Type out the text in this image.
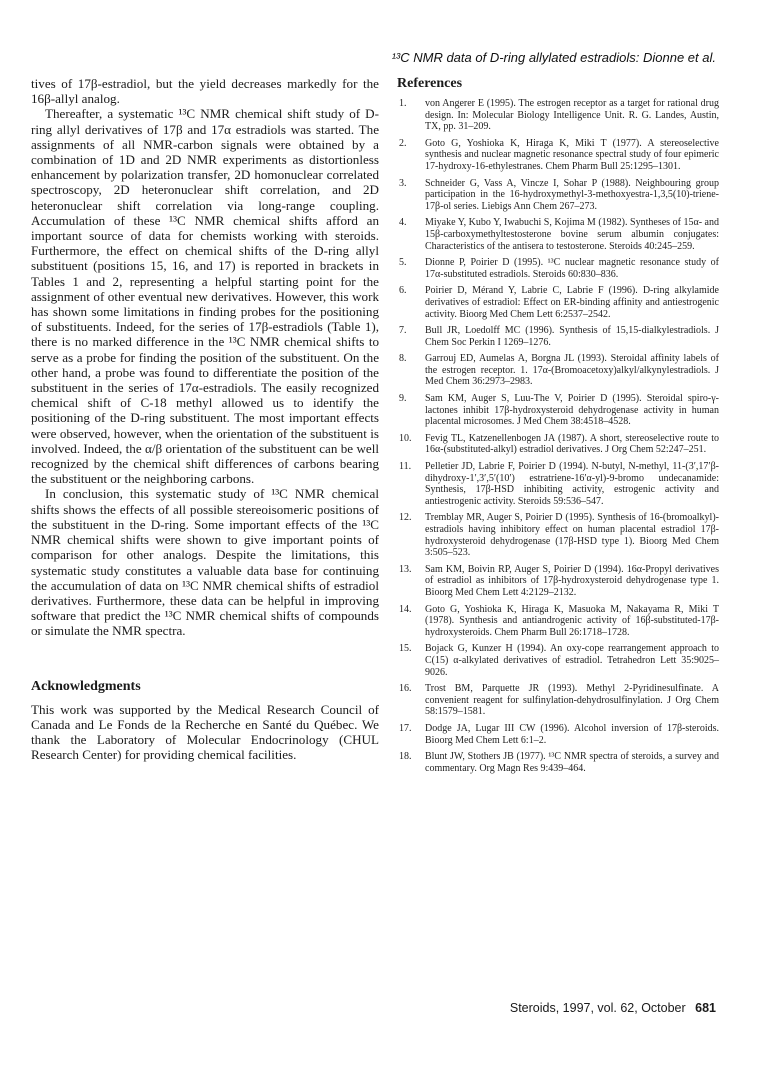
¹³C NMR data of D-ring allylated estradiols: Dionne et al.

tives of 17β-estradiol, but the yield decreases markedly for the 16β-allyl analog.

Thereafter, a systematic ¹³C NMR chemical shift study of D-ring allyl derivatives of 17β and 17α estradiols was started. The assignments of all NMR-carbon signals were obtained by a combination of 1D and 2D NMR experiments as distortionless enhancement by polarization transfer, 2D homonuclear correlated spectroscopy, 2D heteronuclear shift correlation, and 2D heteronuclear shift correlation via long-range coupling. Accumulation of these ¹³C NMR chemical shifts afford an important source of data for chemists working with steroids. Furthermore, the effect on chemical shifts of the D-ring allyl substituent (positions 15, 16, and 17) is reported in brackets in Tables 1 and 2, representing a helpful starting point for the assignment of other eventual new derivatives. However, this work has shown some limitations in finding probes for the positioning of substituents. Indeed, for the series of 17β-estradiols (Table 1), there is no marked difference in the ¹³C NMR chemical shifts to serve as a probe for finding the position of the substituent. On the other hand, a probe was found to differentiate the position of the substituent in the series of 17α-estradiols. The easily recognized chemical shift of C-18 methyl allowed us to identify the positioning of the D-ring substituent. The most important effects were observed, however, when the orientation of the substituent is involved. Indeed, the α/β orientation of the substituent can be well recognized by the chemical shift differences of carbons bearing the substituent or the neighboring carbons.

In conclusion, this systematic study of ¹³C NMR chemical shifts shows the effects of all possible stereoisomeric positions of the substituent in the D-ring. Some important effects of the ¹³C NMR chemical shifts were shown to give important points of comparison for other analogs. Despite the limitations, this systematic study constitutes a valuable data base for continuing the accumulation of data on ¹³C NMR chemical shifts of estradiol derivatives. Furthermore, these data can be helpful in improving software that predict the ¹³C NMR chemical shifts of compounds or simulate the NMR spectra.

Acknowledgments

This work was supported by the Medical Research Council of Canada and Le Fonds de la Recherche en Santé du Québec. We thank the Laboratory of Molecular Endocrinology (CHUL Research Center) for providing chemical facilities.

References
1.	von Angerer E (1995). The estrogen receptor as a target for rational drug design. In: Molecular Biology Intelligence Unit. R. G. Landes, Austin, TX, pp. 31–209.
2.	Goto G, Yoshioka K, Hiraga K, Miki T (1977). A stereoselective synthesis and nuclear magnetic resonance spectral study of four epimeric 17-hydroxy-16-ethylestranes. Chem Pharm Bull 25:1295–1301.
3.	Schneider G, Vass A, Vincze I, Sohar P (1988). Neighbouring group participation in the 16-hydroxymethyl-3-methoxyestra-1,3,5(10)-triene-17β-ol series. Liebigs Ann Chem 267–273.
4.	Miyake Y, Kubo Y, Iwabuchi S, Kojima M (1982). Syntheses of 15α- and 15β-carboxymethyltestosterone bovine serum albumin conjugates: Characteristics of the antisera to testosterone. Steroids 40:245–259.
5.	Dionne P, Poirier D (1995). ¹³C nuclear magnetic resonance study of 17α-substituted estradiols. Steroids 60:830–836.
6.	Poirier D, Mérand Y, Labrie C, Labrie F (1996). D-ring alkylamide derivatives of estradiol: Effect on ER-binding affinity and antiestrogenic activity. Bioorg Med Chem Lett 6:2537–2542.
7.	Bull JR, Loedolff MC (1996). Synthesis of 15,15-dialkylestradiols. J Chem Soc Perkin I 1269–1276.
8.	Garrouj ED, Aumelas A, Borgna JL (1993). Steroidal affinity labels of the estrogen receptor. 1. 17α-(Bromoacetoxy)alkyl/alkynylestradiols. J Med Chem 36:2973–2983.
9.	Sam KM, Auger S, Luu-The V, Poirier D (1995). Steroidal spiro-γ-lactones inhibit 17β-hydroxysteroid dehydrogenase activity in human placental microsomes. J Med Chem 38:4518–4528.
10.	Fevig TL, Katzenellenbogen JA (1987). A short, stereoselective route to 16α-(substituted-alkyl) estradiol derivatives. J Org Chem 52:247–251.
11.	Pelletier JD, Labrie F, Poirier D (1994). N-butyl, N-methyl, 11-(3′,17′β-dihydroxy-1′,3′,5′(10′) estratriene-16′α-yl)-9-bromo undecanamide: Synthesis, 17β-HSD inhibiting activity, estrogenic activity and antiestrogenic activity. Steroids 59:536–547.
12.	Tremblay MR, Auger S, Poirier D (1995). Synthesis of 16-(bromoalkyl)-estradiols having inhibitory effect on human placental estradiol 17β-hydroxysteroid dehydrogenase (17β-HSD type 1). Bioorg Med Chem 3:505–523.
13.	Sam KM, Boivin RP, Auger S, Poirier D (1994). 16α-Propyl derivatives of estradiol as inhibitors of 17β-hydroxysteroid dehydrogenase type 1. Bioorg Med Chem Lett 4:2129–2132.
14.	Goto G, Yoshioka K, Hiraga K, Masuoka M, Nakayama R, Miki T (1978). Synthesis and antiandrogenic activity of 16β-substituted-17β-hydroxysteroids. Chem Pharm Bull 26:1718–1728.
15.	Bojack G, Kunzer H (1994). An oxy-cope rearrangement approach to C(15) α-alkylated derivatives of estradiol. Tetrahedron Lett 35:9025–9026.
16.	Trost BM, Parquette JR (1993). Methyl 2-Pyridinesulfinate. A convenient reagent for sulfinylation-dehydrosulfinylation. J Org Chem 58:1579–1581.
17.	Dodge JA, Lugar III CW (1996). Alcohol inversion of 17β-steroids. Bioorg Med Chem Lett 6:1–2.
18.	Blunt JW, Stothers JB (1977). ¹³C NMR spectra of steroids, a survey and commentary. Org Magn Res 9:439–464.
Steroids, 1997, vol. 62, October 681
